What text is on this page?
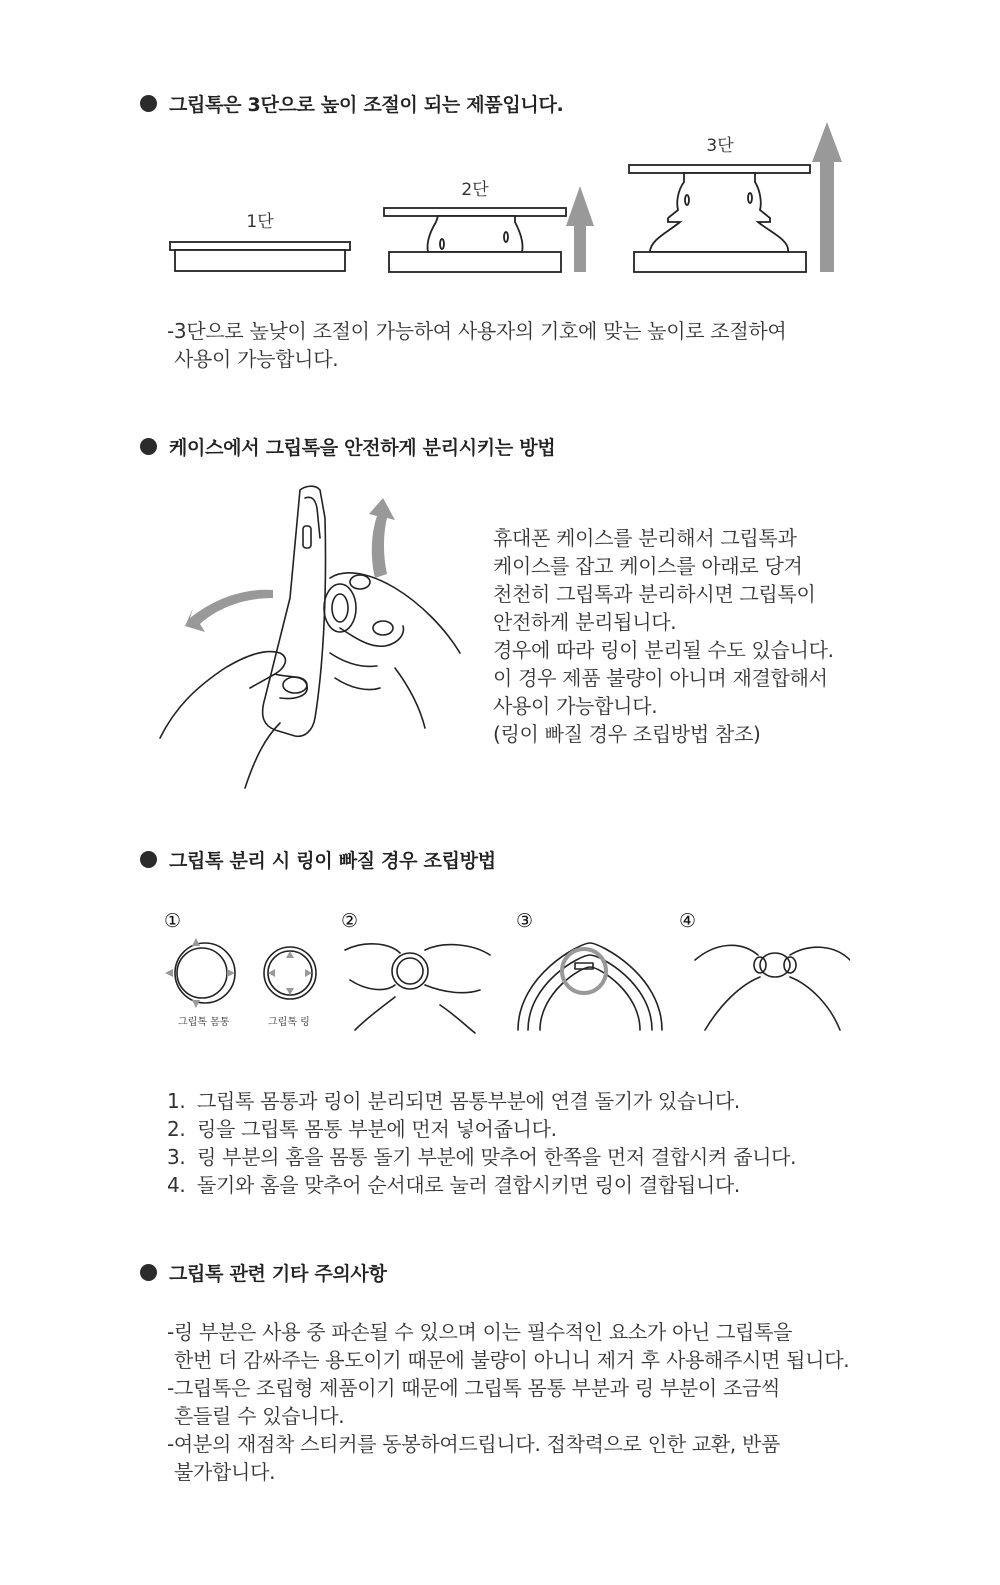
그립톡은 3단으로 높이 조절이 되는 제품입니다.
1단
2단
3단
-3단으로 높낮이 조절이 가능하여 사용자의 기호에 맞는 높이로 조절하여
사용이 가능합니다.
케이스에서 그립톡을 안전하게 분리시키는 방법
휴대폰 케이스를 분리해서 그립톡과
케이스를 잡고 케이스를 아래로 당겨
천천히 그립톡과 분리하시면 그립톡이
안전하게 분리됩니다.
경우에 따라 링이 분리될 수도 있습니다.
이 경우 제품 불량이 아니며 재결합해서
사용이 가능합니다.
(링이 빠질 경우 조립방법 참조)
그립톡 분리 시 링이 빠질 경우 조립방법
①	②	③	④
그립톡 몸통	그립톡 링
1. 그립톡 몸통과 링이 분리되면 몸통부분에 연결 돌기가 있습니다.
2. 링을 그립톡 몸통 부분에 먼저 넣어줍니다.
3. 링 부분의 홈을 몸통 돌기 부분에 맞추어 한쪽을 먼저 결합시켜 줍니다.
4. 돌기와 홈을 맞추어 순서대로 눌러 결합시키면 링이 결합됩니다.
그립톡 관련 기타 주의사항
-링 부분은 사용 중 파손될 수 있으며 이는 필수적인 요소가 아닌 그립톡을
한번 더 감싸주는 용도이기 때문에 불량이 아니니 제거 후 사용해주시면 됩니다.
-그립톡은 조립형 제품이기 때문에 그립톡 몸통 부분과 링 부분이 조금씩
흔들릴 수 있습니다.
-여분의 재점착 스티커를 동봉하여드립니다. 접착력으로 인한 교환, 반품
불가합니다.
